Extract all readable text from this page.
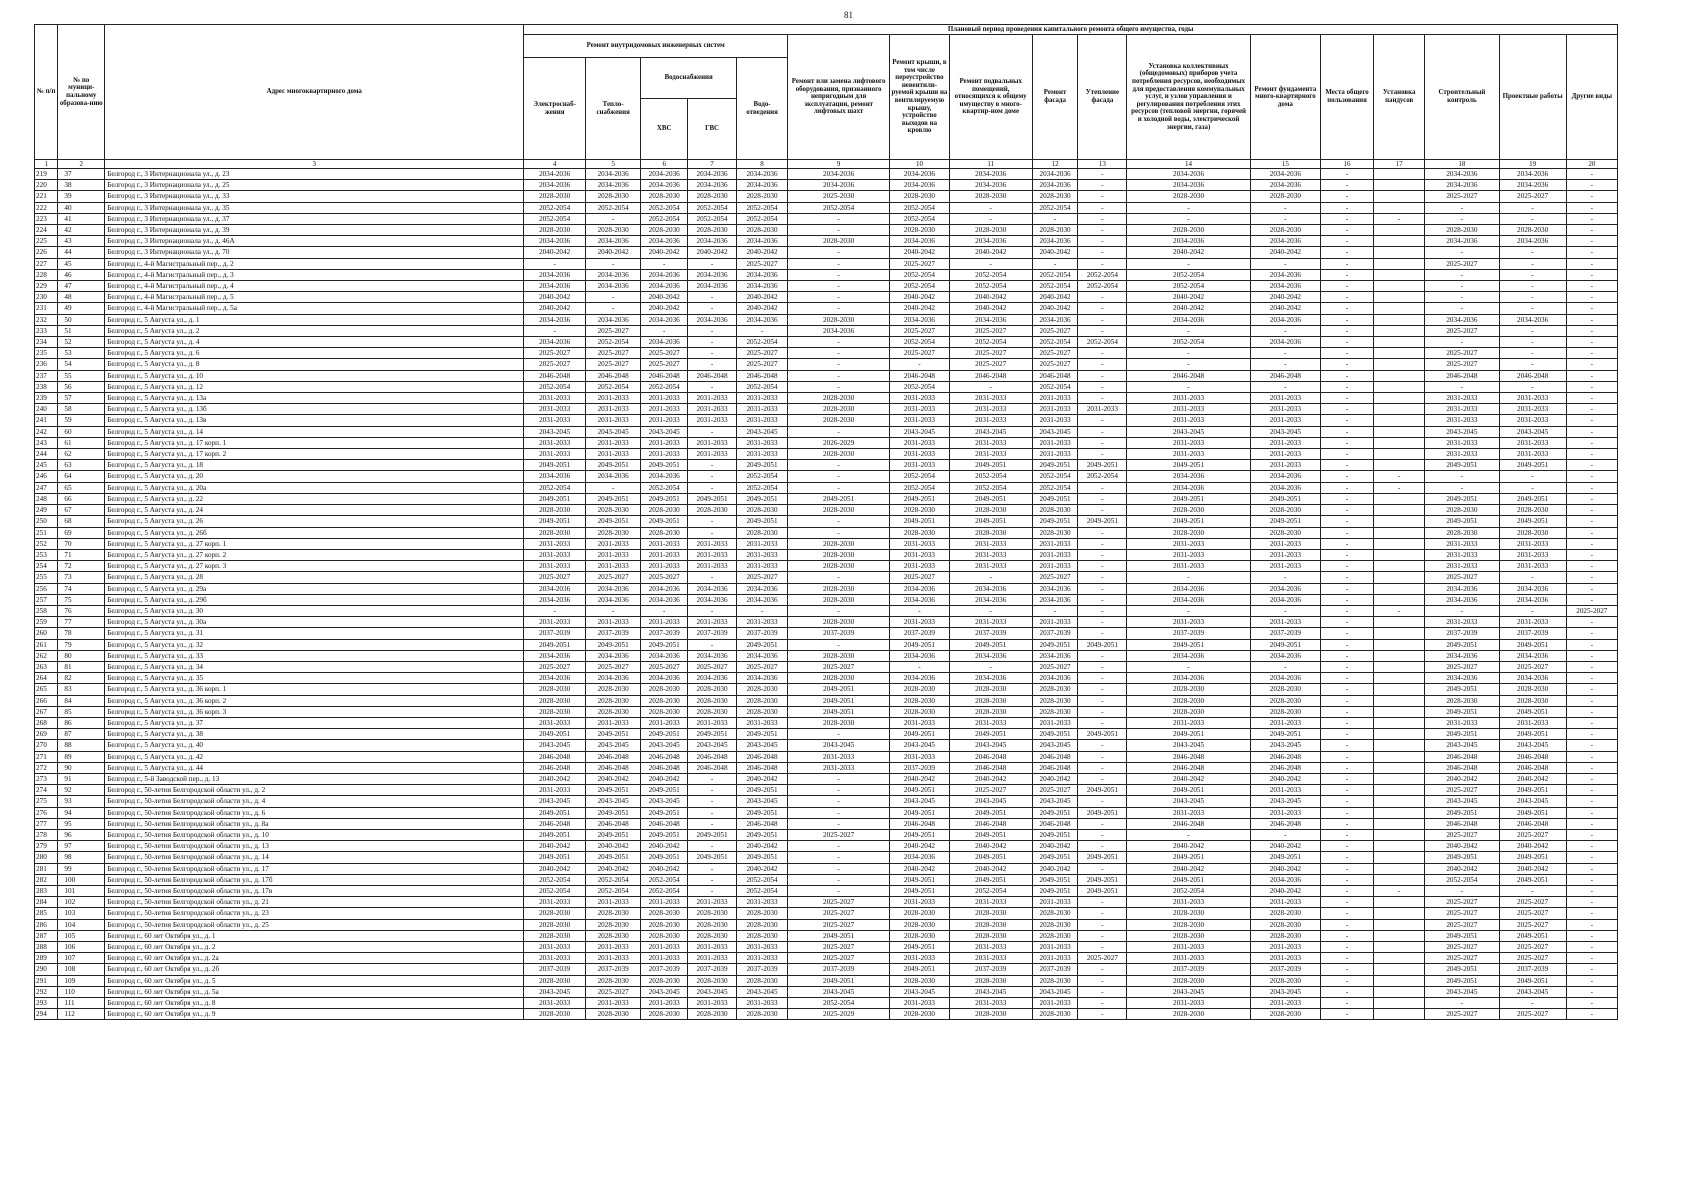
81
№ п/п	№ по муници-пальному образова-нию	Адрес многоквартирного дома	Плановый период проведения капитального ремонта общего имущества, годы																
			Ремонт внутридомовых инженерных систем					Ремонт или замена лифтового оборудования, признанного непригодным для эксплуатации, ремонт лифтовых шахт	Ремонт крыши, в том числе переустройство невентили-руемой крыши на вентилируемую крышу, устройство выходов на кровлю	Ремонт подвальных помещений, относящихся к общему имуществу в много-квартир-ном доме	Ремонт фасада	Утепление фасада	Установка коллективных (общедомовых) приборов учета потребления ресурсов, необходимых для предоставления коммунальных услуг, и узлов управления и регулирования потребления этих ресурсов (тепловой энергии, горячей и холодной воды, электрической энергии, газа)	Ремонт фундамента много-квартирного дома	Места общего пользования	Установка пандусов	Строительный контроль	Проектные работы	Другие виды
			Электроснаб-жения	Тепло-снабжения	Водоснабжения		Водо-отведения												
					ХВС	ГВС													
1	2	3	4	5	6	7	8	9	10	11	12	13	14	15	16	17	18	19	20
219	37	Белгород г., 3 Интернационала ул., д. 23	2034-2036	2034-2036	2034-2036	2034-2036	2034-2036	2034-2036	2034-2036	2034-2036	2034-2036	-	2034-2036	2034-2036	-		2034-2036	2034-2036	-
220	38	Белгород г., 3 Интернационала ул., д. 25	2034-2036	2034-2036	2034-2036	2034-2036	2034-2036	2034-2036	2034-2036	2034-2036	2034-2036	-	2034-2036	2034-2036	-		2034-2036	2034-2036	-
221	39	Белгород г., 3 Интернационала ул., д. 33	2028-2030	2028-2030	2028-2030	2028-2030	2028-2030	2025-2030	2028-2030	2028-2030	2028-2030	-	2028-2030	2028-2030	-		2025-2027	2025-2027	-
222	40	Белгород г., 3 Интернационала ул., д. 35	2052-2054	2052-2054	2052-2054	2052-2054	2052-2054	2052-2054	2052-2054	-	2052-2054	-	-	-	-		-	-	-
223	41	Белгород г., 3 Интернационала ул., д. 37	2052-2054	-	2052-2054	2052-2054	2052-2054	-	2052-2054	-	-	-	-	-	-	-	-	-	-
224	42	Белгород г., 3 Интернационала ул., д. 39	2028-2030	2028-2030	2028-2030	2028-2030	2028-2030	-	2028-2030	2028-2030	2028-2030	-	2028-2030	2028-2030	-		2028-2030	2028-2030	-
225	43	Белгород г., 3 Интернационала ул., д. 46А	2034-2036	2034-2036	2034-2036	2034-2036	2034-2036	2028-2030	2034-2036	2034-2036	2034-2036	-	2034-2036	2034-2036	-		2034-2036	2034-2036	-
226	44	Белгород г., 3 Интернационала ул., д. 70	2040-2042	2040-2042	2040-2042	2040-2042	2040-2042	-	2040-2042	2040-2042	2040-2042	-	2040-2042	2040-2042	-		-	-	-
227	45	Белгород г., 4-й Магистральный пер., д. 2	-	-	-	-	2025-2027	-	2025-2027	-	-	-	-	-	-		2025-2027	-	-
228	46	Белгород г., 4-й Магистральный пер., д. 3	2034-2036	2034-2036	2034-2036	2034-2036	2034-2036	-	2052-2054	2052-2054	2052-2054	2052-2054	2052-2054	2034-2036	-		-	-	-
229	47	Белгород г., 4-й Магистральный пер., д. 4	2034-2036	2034-2036	2034-2036	2034-2036	2034-2036	-	2052-2054	2052-2054	2052-2054	2052-2054	2052-2054	2034-2036	-		-	-	-
230	48	Белгород г., 4-й Магистральный пер., д. 5	2040-2042	-	2040-2042	-	2040-2042	-	2040-2042	2040-2042	2040-2042	-	2040-2042	2040-2042	-		-	-	-
231	49	Белгород г., 4-й Магистральный пер., д. 5а	2040-2042	-	2040-2042	-	2040-2042	-	2040-2042	2040-2042	2040-2042	-	2040-2042	2040-2042	-		-	-	-
232	50	Белгород г., 5 Августа ул., д. 1	2034-2036	2034-2036	2034-2036	2034-2036	2034-2036	2028-2030	2034-2036	2034-2036	2034-2036	-	2034-2036	2034-2036	-		2034-2036	2034-2036	-
233	51	Белгород г., 5 Августа ул., д. 2	-	2025-2027	-	-	-	2034-2036	2025-2027	2025-2027	2025-2027	-	-	-	-		2025-2027	-	-
234	52	Белгород г., 5 Августа ул., д. 4	2034-2036	2052-2054	2034-2036	-	2052-2054	-	2052-2054	2052-2054	2052-2054	2052-2054	2052-2054	2034-2036	-		-	-	-
235	53	Белгород г., 5 Августа ул., д. 6	2025-2027	2025-2027	2025-2027	-	2025-2027	-	2025-2027	2025-2027	2025-2027	-	-	-	-		2025-2027	-	-
236	54	Белгород г., 5 Августа ул., д. 8	2025-2027	2025-2027	2025-2027	-	2025-2027	-	-	2025-2027	2025-2027	-	-	-	-		2025-2027	-	-
237	55	Белгород г., 5 Августа ул., д. 10	2046-2048	2046-2048	2046-2048	2046-2048	2046-2048	-	2046-2048	2046-2048	2046-2048	-	2046-2048	2046-2048	-		2046-2048	2046-2048	-
238	56	Белгород г., 5 Августа ул., д. 12	2052-2054	2052-2054	2052-2054	-	2052-2054	-	2052-2054	-	2052-2054	-	-	-	-		-	-	-
239	57	Белгород г., 5 Августа ул., д. 13а	2031-2033	2031-2033	2031-2033	2031-2033	2031-2033	2028-2030	2031-2033	2031-2033	2031-2033	-	2031-2033	2031-2033	-		2031-2033	2031-2033	-
240	58	Белгород г., 5 Августа ул., д. 13б	2031-2033	2031-2033	2031-2033	2031-2033	2031-2033	2028-2030	2031-2033	2031-2033	2031-2033	2031-2033	2031-2033	2031-2033	-		2031-2033	2031-2033	-
241	59	Белгород г., 5 Августа ул., д. 13в	2031-2033	2031-2033	2031-2033	2031-2033	2031-2033	2028-2030	2031-2033	2031-2033	2031-2033	-	2031-2033	2031-2033	-		2031-2033	2031-2033	-
242	60	Белгород г., 5 Августа ул., д. 14	2043-2045	2043-2045	2043-2045	-	2043-2045	-	2043-2045	2043-2045	2043-2045	-	2043-2045	2043-2045	-		2043-2045	2043-2045	-
243	61	Белгород г., 5 Августа ул., д. 17 корп. 1	2031-2033	2031-2033	2031-2033	2031-2033	2031-2033	2026-2029	2031-2033	2031-2033	2031-2033	-	2031-2033	2031-2033	-		2031-2033	2031-2033	-
244	62	Белгород г., 5 Августа ул., д. 17 корп. 2	2031-2033	2031-2033	2031-2033	2031-2033	2031-2033	2028-2030	2031-2033	2031-2033	2031-2033	-	2031-2033	2031-2033	-		2031-2033	2031-2033	-
245	63	Белгород г., 5 Августа ул., д. 18	2049-2051	2049-2051	2049-2051	-	2049-2051	-	2031-2033	2049-2051	2049-2051	2049-2051	2049-2051	2031-2033	-		2049-2051	2049-2051	-
246	64	Белгород г., 5 Августа ул., д. 20	2034-2036	2034-2036	2034-2036	-	2052-2054	-	2052-2054	2052-2054	2052-2054	2052-2054	2034-2036	2034-2036	-	-	-	-	-
247	65	Белгород г., 5 Августа ул., д. 20а	2052-2054	-	2052-2054	-	2052-2054	-	2052-2054	2052-2054	2052-2054	-	2034-2036	2034-2036	-	-	-	-	-
248	66	Белгород г., 5 Августа ул., д. 22	2049-2051	2049-2051	2049-2051	2049-2051	2049-2051	2049-2051	2049-2051	2049-2051	2049-2051	-	2049-2051	2049-2051	-		2049-2051	2049-2051	-
249	67	Белгород г., 5 Августа ул., д. 24	2028-2030	2028-2030	2028-2030	2028-2030	2028-2030	2028-2030	2028-2030	2028-2030	2028-2030	-	2028-2030	2028-2030	-		2028-2030	2028-2030	-
250	68	Белгород г., 5 Августа ул., д. 26	2049-2051	2049-2051	2049-2051	-	2049-2051	-	2049-2051	2049-2051	2049-2051	2049-2051	2049-2051	2049-2051	-		2049-2051	2049-2051	-
251	69	Белгород г., 5 Августа ул., д. 26б	2028-2030	2028-2030	2028-2030	-	2028-2030	-	2028-2030	2028-2030	2028-2030	-	2028-2030	2028-2030	-		2028-2030	2028-2030	-
252	70	Белгород г., 5 Августа ул., д. 27 корп. 1	2031-2033	2031-2033	2031-2033	2031-2033	2031-2033	2028-2030	2031-2033	2031-2033	2031-2033	-	2031-2033	2031-2033	-		2031-2033	2031-2033	-
253	71	Белгород г., 5 Августа ул., д. 27 корп. 2	2031-2033	2031-2033	2031-2033	2031-2033	2031-2033	2028-2030	2031-2033	2031-2033	2031-2033	-	2031-2033	2031-2033	-		2031-2033	2031-2033	-
254	72	Белгород г., 5 Августа ул., д. 27 корп. 3	2031-2033	2031-2033	2031-2033	2031-2033	2031-2033	2028-2030	2031-2033	2031-2033	2031-2033	-	2031-2033	2031-2033	-		2031-2033	2031-2033	-
255	73	Белгород г., 5 Августа ул., д. 28	2025-2027	2025-2027	2025-2027	-	2025-2027	-	2025-2027	-	2025-2027	-	-	-	-		2025-2027	-	-
256	74	Белгород г., 5 Августа ул., д. 29а	2034-2036	2034-2036	2034-2036	2034-2036	2034-2036	2028-2030	2034-2036	2034-2036	2034-2036	-	2034-2036	2034-2036	-		2034-2036	2034-2036	-
257	75	Белгород г., 5 Августа ул., д. 29б	2034-2036	2034-2036	2034-2036	2034-2036	2034-2036	2028-2030	2034-2036	2034-2036	2034-2036	-	2034-2036	2034-2036	-		2034-2036	2034-2036	-
258	76	Белгород г., 5 Августа ул., д. 30	-	-	-	-	-	-	-	-	-	-	-	-	-	-	-	-	2025-2027
259	77	Белгород г., 5 Августа ул., д. 30а	2031-2033	2031-2033	2031-2033	2031-2033	2031-2033	2028-2030	2031-2033	2031-2033	2031-2033	-	2031-2033	2031-2033	-		2031-2033	2031-2033	-
260	78	Белгород г., 5 Августа ул., д. 31	2037-2039	2037-2039	2037-2039	2037-2039	2037-2039	2037-2039	2037-2039	2037-2039	2037-2039	-	2037-2039	2037-2039	-		2037-2039	2037-2039	-
261	79	Белгород г., 5 Августа ул., д. 32	2049-2051	2049-2051	2049-2051	-	2049-2051	-	2049-2051	2049-2051	2049-2051	2049-2051	2049-2051	2049-2051	-		2049-2051	2049-2051	-
262	80	Белгород г., 5 Августа ул., д. 33	2034-2036	2034-2036	2034-2036	2034-2036	2034-2036	2028-2030	2034-2036	2034-2036	2034-2036	-	2034-2036	2034-2036	-		2034-2036	2034-2036	-
263	81	Белгород г., 5 Августа ул., д. 34	2025-2027	2025-2027	2025-2027	2025-2027	2025-2027	2025-2027	-	-	2025-2027	-	-	-	-		2025-2027	2025-2027	-
264	82	Белгород г., 5 Августа ул., д. 35	2034-2036	2034-2036	2034-2036	2034-2036	2034-2036	2028-2030	2034-2036	2034-2036	2034-2036	-	2034-2036	2034-2036	-		2034-2036	2034-2036	-
265	83	Белгород г., 5 Августа ул., д. 36 корп. 1	2028-2030	2028-2030	2028-2030	2028-2030	2028-2030	2049-2051	2028-2030	2028-2030	2028-2030	-	2028-2030	2028-2030	-		2049-2051	2028-2030	-
266	84	Белгород г., 5 Августа ул., д. 36 корп. 2	2028-2030	2028-2030	2028-2030	2028-2030	2028-2030	2049-2051	2028-2030	2028-2030	2028-2030	-	2028-2030	2028-2030	-		2028-2030	2028-2030	-
267	85	Белгород г., 5 Августа ул., д. 36 корп. 3	2028-2030	2028-2030	2028-2030	2028-2030	2028-2030	2049-2051	2028-2030	2028-2030	2028-2030	-	2028-2030	2028-2030	-		2049-2051	2049-2051	-
268	86	Белгород г., 5 Августа ул., д. 37	2031-2033	2031-2033	2031-2033	2031-2033	2031-2033	2028-2030	2031-2033	2031-2033	2031-2033	-	2031-2033	2031-2033	-		2031-2033	2031-2033	-
269	87	Белгород г., 5 Августа ул., д. 38	2049-2051	2049-2051	2049-2051	2049-2051	2049-2051	-	2049-2051	2049-2051	2049-2051	2049-2051	2049-2051	2049-2051	-		2049-2051	2049-2051	-
270	88	Белгород г., 5 Августа ул., д. 40	2043-2045	2043-2045	2043-2045	2043-2045	2043-2045	2043-2045	2043-2045	2043-2045	2043-2045	-	2043-2045	2043-2045	-		2043-2045	2043-2045	-
271	89	Белгород г., 5 Августа ул., д. 42	2046-2048	2046-2048	2046-2048	2046-2048	2046-2048	2031-2033	2031-2033	2046-2048	2046-2048	-	2046-2048	2046-2048	-		2046-2048	2046-2048	-
272	90	Белгород г., 5 Августа ул., д. 44	2046-2048	2046-2048	2046-2048	2046-2048	2046-2048	2031-2033	2037-2039	2046-2048	2046-2048	-	2046-2048	2046-2048	-		2046-2048	2046-2048	-
273	91	Белгород г., 5-й Заводской пер., д. 13	2040-2042	2040-2042	2040-2042	-	2040-2042	-	2040-2042	2040-2042	2040-2042	-	2040-2042	2040-2042	-		2040-2042	2040-2042	-
274	92	Белгород г., 50-летия Белгородской области ул., д. 2	2031-2033	2049-2051	2049-2051	-	2049-2051	-	2049-2051	2025-2027	2025-2027	2049-2051	2049-2051	2031-2033	-		2025-2027	2049-2051	-
275	93	Белгород г., 50-летия Белгородской области ул., д. 4	2043-2045	2043-2045	2043-2045	-	2043-2045	-	2043-2045	2043-2045	2043-2045	-	2043-2045	2043-2045	-		2043-2045	2043-2045	-
276	94	Белгород г., 50-летия Белгородской области ул., д. 6	2049-2051	2049-2051	2049-2051	-	2049-2051	-	2049-2051	2049-2051	2049-2051	2049-2051	2031-2033	2031-2033	-		2049-2051	2049-2051	-
277	95	Белгород г., 50-летия Белгородской области ул., д. 8а	2046-2048	2046-2048	2046-2048	-	2046-2048	-	2046-2048	2046-2048	2046-2048	-	2046-2048	2046-2048	-		2046-2048	2046-2048	-
278	96	Белгород г., 50-летия Белгородской области ул., д. 10	2049-2051	2049-2051	2049-2051	2049-2051	2049-2051	2025-2027	2049-2051	2049-2051	2049-2051	-	-	-	-		2025-2027	2025-2027	-
279	97	Белгород г., 50-летия Белгородской области ул., д. 13	2040-2042	2040-2042	2040-2042	-	2040-2042	-	2040-2042	2040-2042	2040-2042	-	2040-2042	2040-2042	-		2040-2042	2040-2042	-
280	98	Белгород г., 50-летия Белгородской области ул., д. 14	2049-2051	2049-2051	2049-2051	2049-2051	2049-2051	-	2034-2036	2049-2051	2049-2051	2049-2051	2049-2051	2049-2051	-		2049-2051	2049-2051	-
281	99	Белгород г., 50-летия Белгородской области ул., д. 17	2040-2042	2040-2042	2040-2042	-	2040-2042	-	2040-2042	2040-2042	2040-2042	-	2040-2042	2040-2042	-		2040-2042	2040-2042	-
282	100	Белгород г., 50-летия Белгородской области ул., д. 17б	2052-2054	2052-2054	2052-2054	-	2052-2054	-	2049-2051	2049-2051	2049-2051	2049-2051	2049-2051	2034-2036	-		2052-2054	2049-2051	-
283	101	Белгород г., 50-летия Белгородской области ул., д. 17в	2052-2054	2052-2054	2052-2054	-	2052-2054	-	2049-2051	2052-2054	2049-2051	2049-2051	2052-2054	2040-2042	-	-	-	-	-
284	102	Белгород г., 50-летия Белгородской области ул., д. 21	2031-2033	2031-2033	2031-2033	2031-2033	2031-2033	2025-2027	2031-2033	2031-2033	2031-2033	-	2031-2033	2031-2033	-		2025-2027	2025-2027	-
285	103	Белгород г., 50-летия Белгородской области ул., д. 23	2028-2030	2028-2030	2028-2030	2028-2030	2028-2030	2025-2027	2028-2030	2028-2030	2028-2030	-	2028-2030	2028-2030	-		2025-2027	2025-2027	-
286	104	Белгород г., 50-летия Белгородской области ул., д. 25	2028-2030	2028-2030	2028-2030	2028-2030	2028-2030	2025-2027	2028-2030	2028-2030	2028-2030	-	2028-2030	2028-2030	-		2025-2027	2025-2027	-
287	105	Белгород г., 60 лет Октября ул., д. 1	2028-2030	2028-2030	2028-2030	2028-2030	2028-2030	2049-2051	2028-2030	2028-2030	2028-2030	-	2028-2030	2028-2030	-		2049-2051	2049-2051	-
288	106	Белгород г., 60 лет Октября ул., д. 2	2031-2033	2031-2033	2031-2033	2031-2033	2031-2033	2025-2027	2049-2051	2031-2033	2031-2033	-	2031-2033	2031-2033	-		2025-2027	2025-2027	-
289	107	Белгород г., 60 лет Октября ул., д. 2а	2031-2033	2031-2033	2031-2033	2031-2033	2031-2033	2025-2027	2031-2033	2031-2033	2031-2033	2025-2027	2031-2033	2031-2033	-		2025-2027	2025-2027	-
290	108	Белгород г., 60 лет Октября ул., д. 2б	2037-2039	2037-2039	2037-2039	2037-2039	2037-2039	2037-2039	2049-2051	2037-2039	2037-2039	-	2037-2039	2037-2039	-		2049-2051	2037-2039	-
291	109	Белгород г., 60 лет Октября ул., д. 5	2028-2030	2028-2030	2028-2030	2028-2030	2028-2030	2049-2051	2028-2030	2028-2030	2028-2030	-	2028-2030	2028-2030	-		2049-2051	2049-2051	-
292	110	Белгород г., 60 лет Октября ул., д. 5а	2043-2045	2025-2027	2043-2045	2043-2045	2043-2045	2043-2045	2043-2045	2043-2045	2043-2045	-	2043-2045	2043-2045	-		2043-2045	2043-2045	-
293	111	Белгород г., 60 лет Октября ул., д. 8	2031-2033	2031-2033	2031-2033	2031-2033	2031-2033	2052-2054	2031-2033	2031-2033	2031-2033	-	2031-2033	2031-2033	-		-	-	-
294	112	Белгород г., 60 лет Октября ул., д. 9	2028-2030	2028-2030	2028-2030	2028-2030	2028-2030	2025-2029	2028-2030	2028-2030	2028-2030	-	2028-2030	2028-2030	-		2025-2027	2025-2027	-
